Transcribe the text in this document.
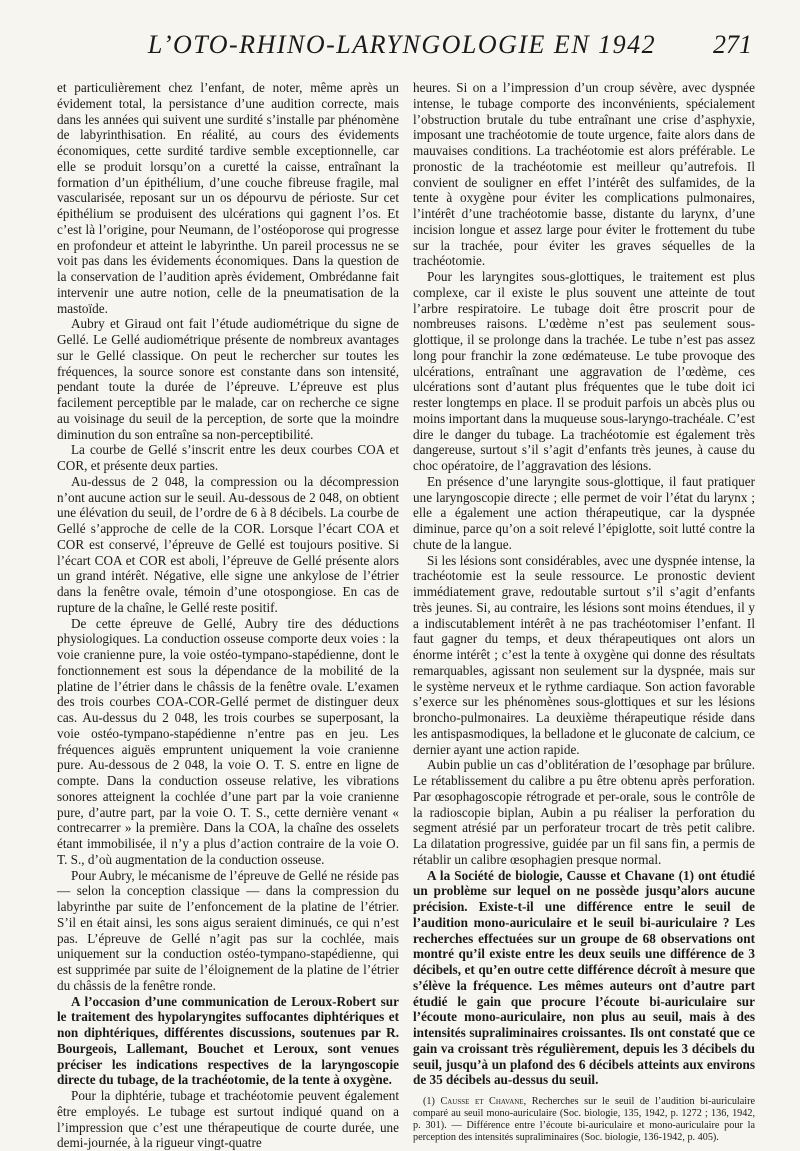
L’OTO-RHINO-LARYNGOLOGIE EN 1942	271

et particulièrement chez l’enfant, de noter, même après un évidement total, la persistance d’une audition correcte, mais dans les années qui suivent une surdité s’installe par phénomène de labyrinthisation. En réalité, au cours des évidements économiques, cette surdité tardive semble exceptionnelle, car elle se produit lorsqu’on a curetté la caisse, entraînant la formation d’un épithélium, d’une couche fibreuse fragile, mal vascularisée, reposant sur un os dépourvu de périoste. Sur cet épithélium se produisent des ulcérations qui gagnent l’os. Et c’est là l’origine, pour Neumann, de l’ostéoporose qui progresse en profondeur et atteint le labyrinthe. Un pareil processus ne se voit pas dans les évidements économiques. Dans la question de la conservation de l’audition après évidement, Ombrédanne fait intervenir une autre notion, celle de la pneumatisation de la mastoïde.

Aubry et Giraud ont fait l’étude audiométrique du signe de Gellé. Le Gellé audiométrique présente de nombreux avantages sur le Gellé classique. On peut le rechercher sur toutes les fréquences, la source sonore est constante dans son intensité, pendant toute la durée de l’épreuve. L’épreuve est plus facilement perceptible par le malade, car on recherche ce signe au voisinage du seuil de la perception, de sorte que la moindre diminution du son entraîne sa non-perceptibilité.

La courbe de Gellé s’inscrit entre les deux courbes COA et COR, et présente deux parties.

Au-dessus de 2 048, la compression ou la décompression n’ont aucune action sur le seuil. Au-dessous de 2 048, on obtient une élévation du seuil, de l’ordre de 6 à 8 décibels. La courbe de Gellé s’approche de celle de la COR. Lorsque l’écart COA et COR est conservé, l’épreuve de Gellé est toujours positive. Si l’écart COA et COR est aboli, l’épreuve de Gellé présente alors un grand intérêt. Négative, elle signe une ankylose de l’étrier dans la fenêtre ovale, témoin d’une otospongiose. En cas de rupture de la chaîne, le Gellé reste positif.

De cette épreuve de Gellé, Aubry tire des déductions physiologiques. La conduction osseuse comporte deux voies : la voie cranienne pure, la voie ostéo-tympano-stapédienne, dont le fonctionnement est sous la dépendance de la mobilité de la platine de l’étrier dans le châssis de la fenêtre ovale. L’examen des trois courbes COA-COR-Gellé permet de distinguer deux cas. Au-dessus du 2 048, les trois courbes se superposant, la voie ostéo-tympano-stapédienne n’entre pas en jeu. Les fréquences aiguës empruntent uniquement la voie cranienne pure. Au-dessous de 2 048, la voie O. T. S. entre en ligne de compte. Dans la conduction osseuse relative, les vibrations sonores atteignent la cochlée d’une part par la voie cranienne pure, d’autre part, par la voie O. T. S., cette dernière venant « contrecarrer » la première. Dans la COA, la chaîne des osselets étant immobilisée, il n’y a plus d’action contraire de la voie O. T. S., d’où augmentation de la conduction osseuse.

Pour Aubry, le mécanisme de l’épreuve de Gellé ne réside pas — selon la conception classique — dans la compression du labyrinthe par suite de l’enfoncement de la platine de l’étrier. S’il en était ainsi, les sons aigus seraient diminués, ce qui n’est pas. L’épreuve de Gellé n’agit pas sur la cochlée, mais uniquement sur la conduction ostéo-tympano-stapédienne, qui est supprimée par suite de l’éloignement de la platine de l’étrier du châssis de la fenêtre ronde.

A l’occasion d’une communication de Leroux-Robert sur le traitement des hypolaryngites suffocantes diphtériques et non diphtériques, différentes discussions, soutenues par R. Bourgeois, Lallemant, Bouchet et Leroux, sont venues préciser les indications respectives de la laryngoscopie directe du tubage, de la trachéotomie, de la tente à oxygène.

Pour la diphtérie, tubage et trachéotomie peuvent également être employés. Le tubage est surtout indiqué quand on a l’impression que c’est une thérapeutique de courte durée, une demi-journée, à la rigueur vingt-quatre

heures. Si on a l’impression d’un croup sévère, avec dyspnée intense, le tubage comporte des inconvénients, spécialement l’obstruction brutale du tube entraînant une crise d’asphyxie, imposant une trachéotomie de toute urgence, faite alors dans de mauvaises conditions. La trachéotomie est alors préférable. Le pronostic de la trachéotomie est meilleur qu’autrefois. Il convient de souligner en effet l’intérêt des sulfamides, de la tente à oxygène pour éviter les complications pulmonaires, l’intérêt d’une trachéotomie basse, distante du larynx, d’une incision longue et assez large pour éviter le frottement du tube sur la trachée, pour éviter les graves séquelles de la trachéotomie.

Pour les laryngites sous-glottiques, le traitement est plus complexe, car il existe le plus souvent une atteinte de tout l’arbre respiratoire. Le tubage doit être proscrit pour de nombreuses raisons. L’œdème n’est pas seulement sous-glottique, il se prolonge dans la trachée. Le tube n’est pas assez long pour franchir la zone œdémateuse. Le tube provoque des ulcérations, entraînant une aggravation de l’œdème, ces ulcérations sont d’autant plus fréquentes que le tube doit ici rester longtemps en place. Il se produit parfois un abcès plus ou moins important dans la muqueuse sous-laryngo-trachéale. C’est dire le danger du tubage. La trachéotomie est également très dangereuse, surtout s’il s’agit d’enfants très jeunes, à cause du choc opératoire, de l’aggravation des lésions.

En présence d’une laryngite sous-glottique, il faut pratiquer une laryngoscopie directe ; elle permet de voir l’état du larynx ; elle a également une action thérapeutique, car la dyspnée diminue, parce qu’on a soit relevé l’épiglotte, soit lutté contre la chute de la langue.

Si les lésions sont considérables, avec une dyspnée intense, la trachéotomie est la seule ressource. Le pronostic devient immédiatement grave, redoutable surtout s’il s’agit d’enfants très jeunes. Si, au contraire, les lésions sont moins étendues, il y a indiscutablement intérêt à ne pas trachéotomiser l’enfant. Il faut gagner du temps, et deux thérapeutiques ont alors un énorme intérêt ; c’est la tente à oxygène qui donne des résultats remarquables, agissant non seulement sur la dyspnée, mais sur le système nerveux et le rythme cardiaque. Son action favorable s’exerce sur les phénomènes sous-glottiques et sur les lésions broncho-pulmonaires. La deuxième thérapeutique réside dans les antispasmodiques, la belladone et le gluconate de calcium, ce dernier ayant une action rapide.

Aubin publie un cas d’oblitération de l’œsophage par brûlure. Le rétablissement du calibre a pu être obtenu après perforation. Par œsophagoscopie rétrograde et per-orale, sous le contrôle de la radioscopie biplan, Aubin a pu réaliser la perforation du segment atrésié par un perforateur trocart de très petit calibre. La dilatation progressive, guidée par un fil sans fin, a permis de rétablir un calibre œsophagien presque normal.

A la Société de biologie, Causse et Chavane (1) ont étudié un problème sur lequel on ne possède jusqu’alors aucune précision. Existe-t-il une différence entre le seuil de l’audition mono-auriculaire et le seuil bi-auriculaire ? Les recherches effectuées sur un groupe de 68 observations ont montré qu’il existe entre les deux seuils une différence de 3 décibels, et qu’en outre cette différence décroît à mesure que s’élève la fréquence. Les mêmes auteurs ont d’autre part étudié le gain que procure l’écoute bi-auriculaire sur l’écoute mono-auriculaire, non plus au seuil, mais à des intensités supraliminaires croissantes. Ils ont constaté que ce gain va croissant très régulièrement, depuis les 3 décibels du seuil, jusqu’à un plafond des 6 décibels atteints aux environs de 35 décibels au-dessus du seuil.

(1) Causse et Chavane, Recherches sur le seuil de l’audition bi-auriculaire comparé au seuil mono-auriculaire (Soc. biologie, 135, 1942, p. 1272 ; 136, 1942, p. 301). — Différence entre l’écoute bi-auriculaire et mono-auriculaire pour la perception des intensités supraliminaires (Soc. biologie, 136-1942, p. 405).
